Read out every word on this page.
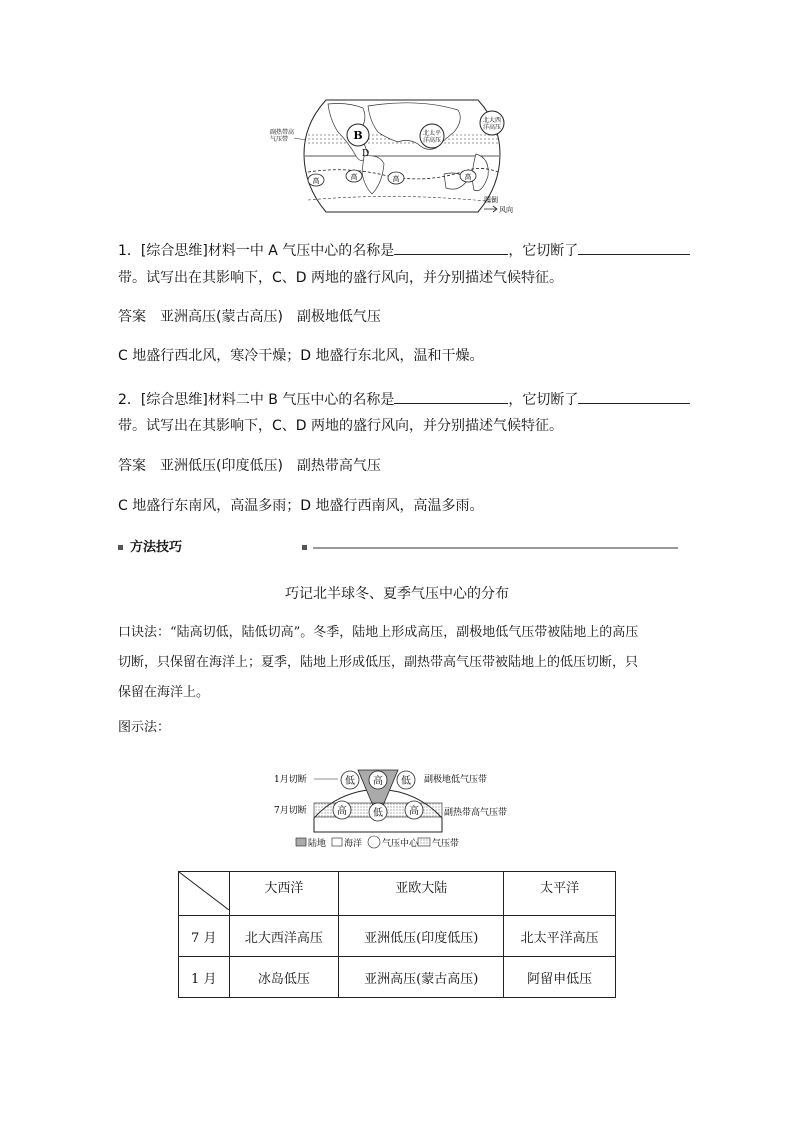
B
D
北太平洋高压
北大西洋高压
高	高	高	高
副热带高气压带
图例
风向
1．[综合思维]材料一中 A 气压中心的名称是	，它切断了
带。试写出在其影响下，C、D 两地的盛行风向，并分别描述气候特征。
答案　 亚洲高压(蒙古高压)　副极地低气压
C 地盛行西北风，寒冷干燥；D 地盛行东北风，温和干燥。
2．[综合思维]材料二中 B 气压中心的名称是	，它切断了
带。试写出在其影响下，C、D 两地的盛行风向，并分别描述气候特征。
答案　 亚洲低压(印度低压)　副热带高气压
C 地盛行东南风，高温多雨；D 地盛行西南风，高温多雨。
方法技巧
巧记北半球冬、夏季气压中心的分布
口诀法：“陆高切低，陆低切高”。冬季，陆地上形成高压，副极地低气压带被陆地上的高压
切断，只保留在海洋上；夏季，陆地上形成低压，副热带高气压带被陆地上的低压切断，只
保留在海洋上。
图示法：
低 高 低
高	低	高
1月切断
7月切断
副极地低气压带
副热带高气压带
陆地 海洋 气压中心 气压带
	大西洋	亚欧大陆	太平洋
7 月	北大西洋高压	亚洲低压(印度低压)	北太平洋高压
1 月	冰岛低压	亚洲高压(蒙古高压)	阿留申低压
